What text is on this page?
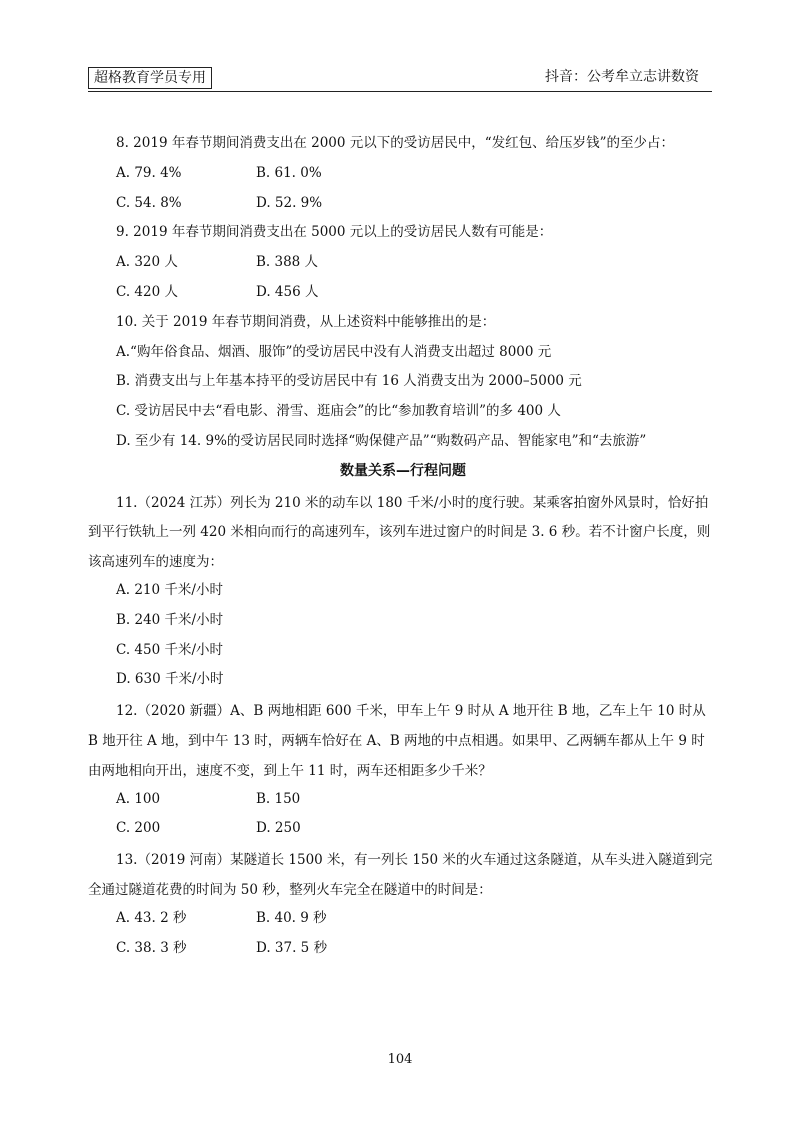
超格教育学员专用	抖音：公考牟立志讲数资
8. 2019 年春节期间消费支出在 2000 元以下的受访居民中，“发红包、给压岁钱”的至少占：
A. 79. 4%	B. 61. 0%
C. 54. 8%	D. 52. 9%
9. 2019 年春节期间消费支出在 5000 元以上的受访居民人数有可能是：
A. 320 人	B. 388 人
C. 420 人	D. 456 人
10. 关于 2019 年春节期间消费，从上述资料中能够推出的是：
A.“购年俗食品、烟酒、服饰”的受访居民中没有人消费支出超过 8000 元
B. 消费支出与上年基本持平的受访居民中有 16 人消费支出为 2000–5000 元
C. 受访居民中去“看电影、滑雪、逛庙会”的比“参加教育培训”的多 400 人
D. 至少有 14. 9%的受访居民同时选择“购保健产品”“购数码产品、智能家电”和“去旅游”
数量关系—行程问题

11.（2024 江苏）列长为 210 米的动车以 180 千米/小时的度行驶。某乘客拍窗外风景时，恰好拍到平行铁轨上一列 420 米相向而行的高速列车，该列车进过窗户的时间是 3. 6 秒。若不计窗户长度，则该高速列车的速度为：

A. 210 千米/小时
B. 240 千米/小时
C. 450 千米/小时
D. 630 千米/小时

12.（2020 新疆）A、B 两地相距 600 千米，甲车上午 9 时从 A 地开往 B 地，乙车上午 10 时从 B 地开往 A 地，到中午 13 时，两辆车恰好在 A、B 两地的中点相遇。如果甲、乙两辆车都从上午 9 时由两地相向开出，速度不变，到上午 11 时，两车还相距多少千米？

A. 100	B. 150
C. 200	D. 250

13.（2019 河南）某隧道长 1500 米，有一列长 150 米的火车通过这条隧道，从车头进入隧道到完全通过隧道花费的时间为 50 秒，整列火车完全在隧道中的时间是：

A. 43. 2 秒	B. 40. 9 秒
C. 38. 3 秒	D. 37. 5 秒
104
